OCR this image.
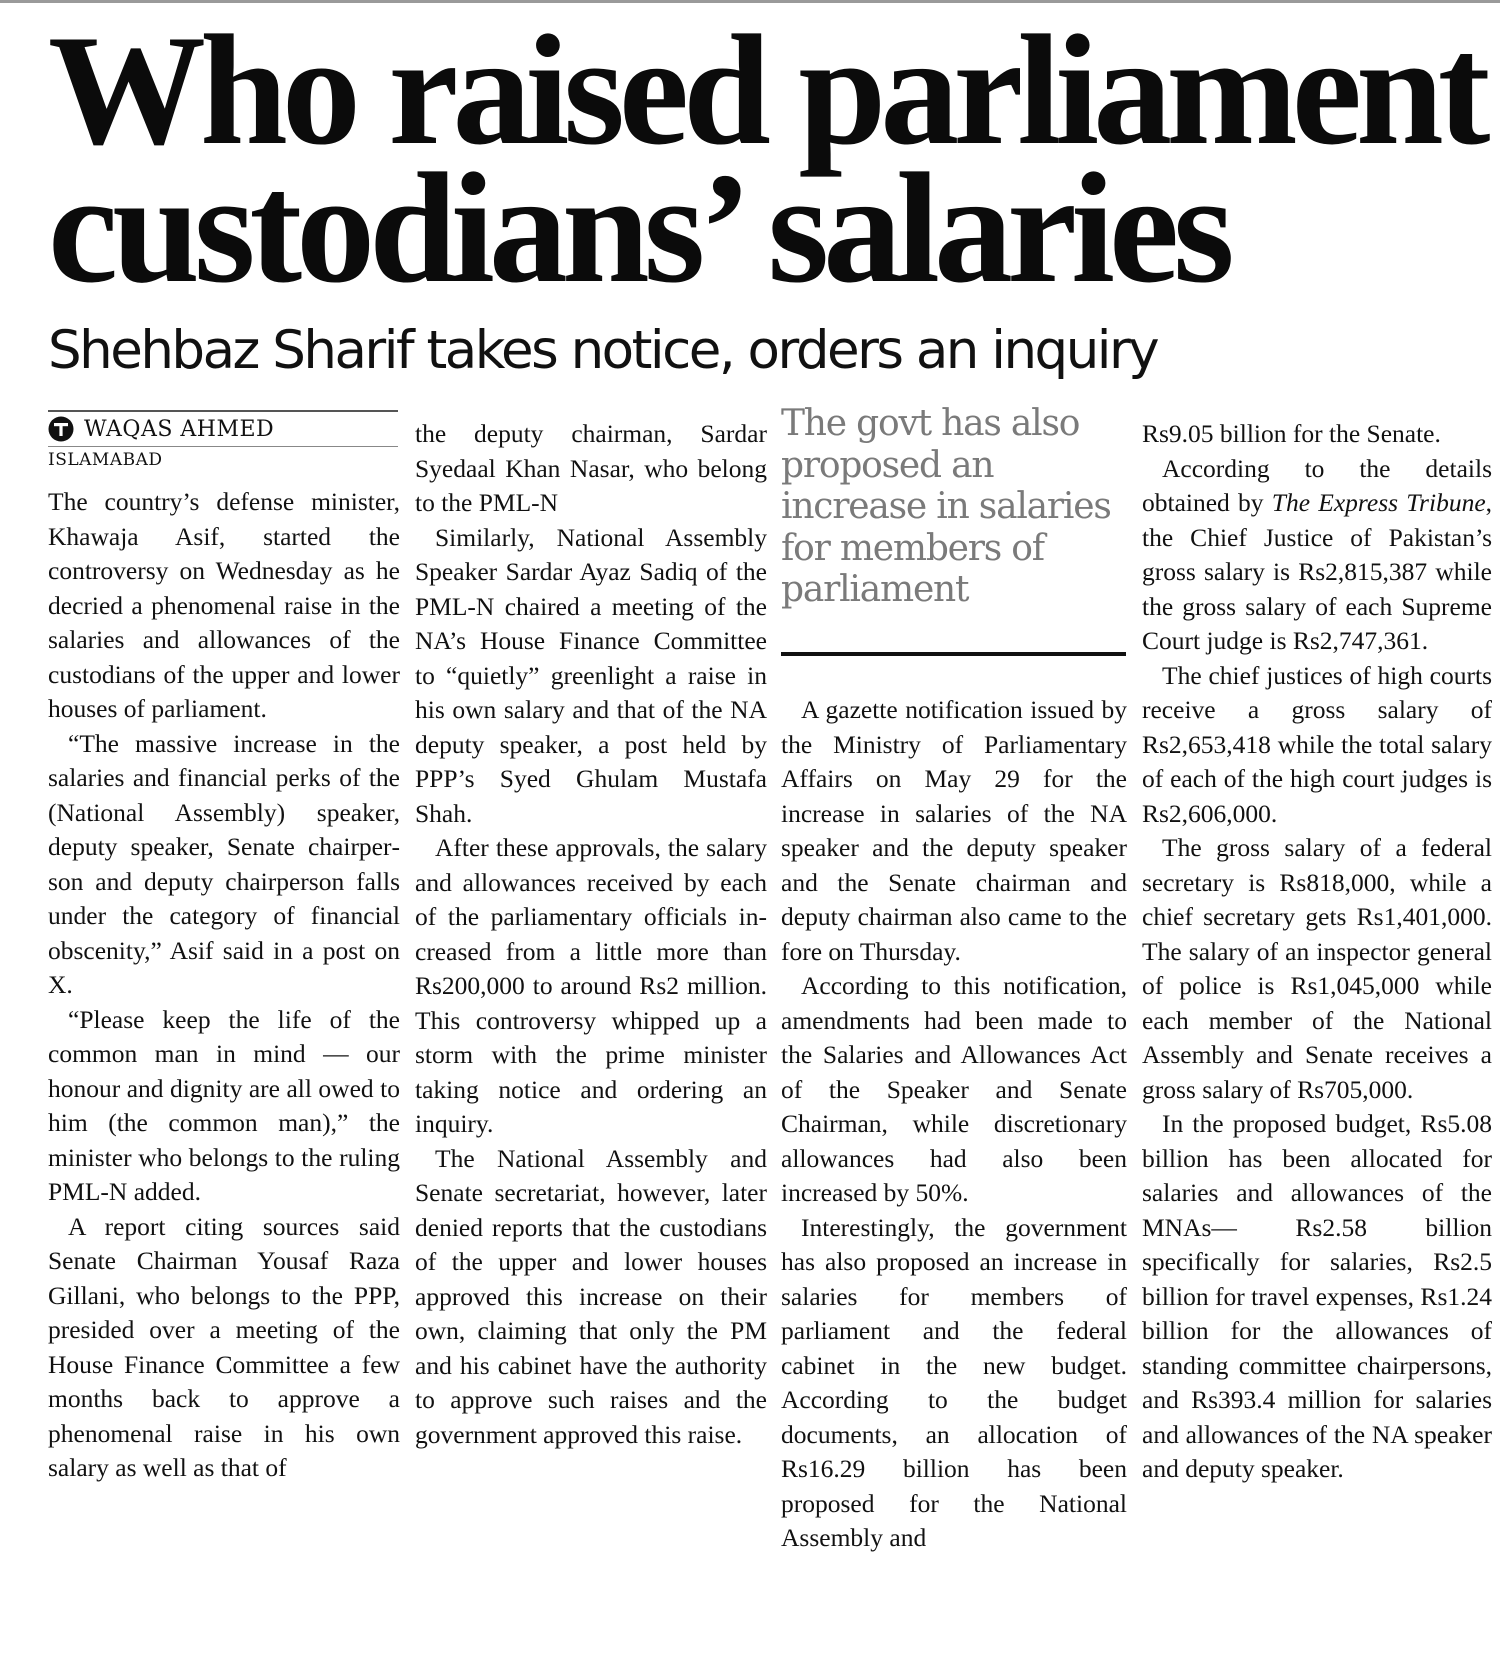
Who raised parliament custodians’ salaries
Shehbaz Sharif takes notice, orders an inquiry
WAQAS AHMED
ISLAMABAD

The country’s defense minister, Khawaja Asif, started the controversy on Wednesday as he decried a phenomenal raise in the salaries and allowances of the custodians of the upper and lower houses of parliament.

“The massive increase in the salaries and financial perks of the (National Assembly) speaker, deputy speaker, Senate chairperson and deputy chairperson falls under the category of financial obscenity,” Asif said in a post on X.

“Please keep the life of the common man in mind — our honour and dignity are all owed to him (the common man),” the minister who belongs to the ruling PML-N added.

A report citing sources said Senate Chairman Yousaf Raza Gillani, who belongs to the PPP, presided over a meeting of the House Finance Committee a few months back to approve a phenomenal raise in his own salary as well as that of

the deputy chairman, Sardar Syedaal Khan Nasar, who belong to the PML-N

Similarly, National Assembly Speaker Sardar Ayaz Sadiq of the PML-N chaired a meeting of the NA’s House Finance Committee to “quietly” greenlight a raise in his own salary and that of the NA deputy speaker, a post held by PPP’s Syed Ghulam Mustafa Shah.

After these approvals, the salary and allowances received by each of the parliamentary officials increased from a little more than Rs200,000 to around Rs2 million. This controversy whipped up a storm with the prime minister taking notice and ordering an inquiry.

The National Assembly and Senate secretariat, however, later denied reports that the custodians of the upper and lower houses approved this increase on their own, claiming that only the PM and his cabinet have the authority to approve such raises and the government approved this raise.

The govt has also proposed an increase in salaries for members of parliament

A gazette notification issued by the Ministry of Parliamentary Affairs on May 29 for the increase in salaries of the NA speaker and the deputy speaker and the Senate chairman and deputy chairman also came to the fore on Thursday.

According to this notification, amendments had been made to the Salaries and Allowances Act of the Speaker and Senate Chairman, while discretionary allowances had also been increased by 50%.

Interestingly, the government has also proposed an increase in salaries for members of parliament and the federal cabinet in the new budget. According to the budget documents, an allocation of Rs16.29 billion has been proposed for the National Assembly and

Rs9.05 billion for the Senate.

According to the details obtained by The Express Tribune, the Chief Justice of Pakistan’s gross salary is Rs2,815,387 while the gross salary of each Supreme Court judge is Rs2,747,361.

The chief justices of high courts receive a gross salary of Rs2,653,418 while the total salary of each of the high court judges is Rs2,606,000.

The gross salary of a federal secretary is Rs818,000, while a chief secretary gets Rs1,401,000. The salary of an inspector general of police is Rs1,045,000 while each member of the National Assembly and Senate receives a gross salary of Rs705,000.

In the proposed budget, Rs5.08 billion has been allocated for salaries and allowances of the MNAs— Rs2.58 billion specifically for salaries, Rs2.5 billion for travel expenses, Rs1.24 billion for the allowances of standing committee chairpersons, and Rs393.4 million for salaries and allowances of the NA speaker and deputy speaker.
